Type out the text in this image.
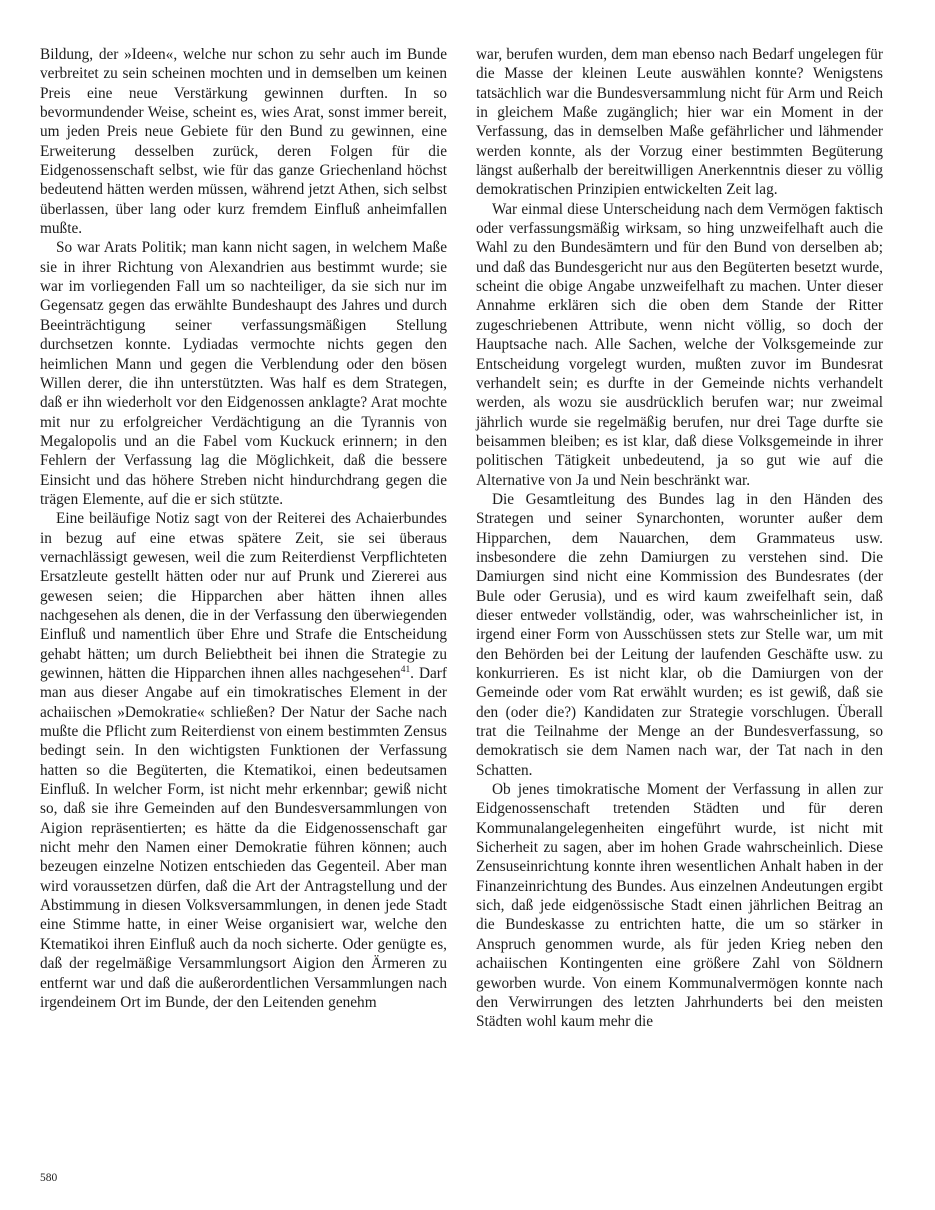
Bildung, der »Ideen«, welche nur schon zu sehr auch im Bunde verbreitet zu sein scheinen mochten und in demselben um keinen Preis eine neue Verstärkung gewinnen durften. In so bevormundender Weise, scheint es, wies Arat, sonst immer bereit, um jeden Preis neue Gebiete für den Bund zu gewinnen, eine Erweiterung desselben zurück, deren Folgen für die Eidgenossenschaft selbst, wie für das ganze Griechenland höchst bedeutend hätten werden müssen, während jetzt Athen, sich selbst überlassen, über lang oder kurz fremdem Einfluß anheimfallen mußte.

So war Arats Politik; man kann nicht sagen, in welchem Maße sie in ihrer Richtung von Alexandrien aus bestimmt wurde; sie war im vorliegenden Fall um so nachteiliger, da sie sich nur im Gegensatz gegen das erwählte Bundeshaupt des Jahres und durch Beeinträchtigung seiner verfassungsmäßigen Stellung durchsetzen konnte. Lydiadas vermochte nichts gegen den heimlichen Mann und gegen die Verblendung oder den bösen Willen derer, die ihn unterstützten. Was half es dem Strategen, daß er ihn wiederholt vor den Eidgenossen anklagte? Arat mochte mit nur zu erfolgreicher Verdächtigung an die Tyrannis von Megalopolis und an die Fabel vom Kuckuck erinnern; in den Fehlern der Verfassung lag die Möglichkeit, daß die bessere Einsicht und das höhere Streben nicht hindurchdrang gegen die trägen Elemente, auf die er sich stützte.

Eine beiläufige Notiz sagt von der Reiterei des Achaierbundes in bezug auf eine etwas spätere Zeit, sie sei überaus vernachlässigt gewesen, weil die zum Reiterdienst Verpflichteten Ersatzleute gestellt hätten oder nur auf Prunk und Ziererei aus gewesen seien; die Hipparchen aber hätten ihnen alles nachgesehen als denen, die in der Verfassung den überwiegenden Einfluß und namentlich über Ehre und Strafe die Entscheidung gehabt hätten; um durch Beliebtheit bei ihnen die Strategie zu gewinnen, hätten die Hipparchen ihnen alles nachgesehen$^{41}$. Darf man aus dieser Angabe auf ein timokratisches Element in der achaiischen »Demokratie« schließen? Der Natur der Sache nach mußte die Pflicht zum Reiterdienst von einem bestimmten Zensus bedingt sein. In den wichtigsten Funktionen der Verfassung hatten so die Begüterten, die Ktematikoi, einen bedeutsamen Einfluß. In welcher Form, ist nicht mehr erkennbar; gewiß nicht so, daß sie ihre Gemeinden auf den Bundesversammlungen von Aigion repräsentierten; es hätte da die Eidgenossenschaft gar nicht mehr den Namen einer Demokratie führen können; auch bezeugen einzelne Notizen entschieden das Gegenteil. Aber man wird voraussetzen dürfen, daß die Art der Antragstellung und der Abstimmung in diesen Volksversammlungen, in denen jede Stadt eine Stimme hatte, in einer Weise organisiert war, welche den Ktematikoi ihren Einfluß auch da noch sicherte. Oder genügte es, daß der regelmäßige Versammlungsort Aigion den Ärmeren zu entfernt war und daß die außerordentlichen Versammlungen nach irgendeinem Ort im Bunde, der den Leitenden genehm

war, berufen wurden, dem man ebenso nach Bedarf ungelegen für die Masse der kleinen Leute auswählen konnte? Wenigstens tatsächlich war die Bundesversammlung nicht für Arm und Reich in gleichem Maße zugänglich; hier war ein Moment in der Verfassung, das in demselben Maße gefährlicher und lähmender werden konnte, als der Vorzug einer bestimmten Begüterung längst außerhalb der bereitwilligen Anerkenntnis dieser zu völlig demokratischen Prinzipien entwickelten Zeit lag.

War einmal diese Unterscheidung nach dem Vermögen faktisch oder verfassungsmäßig wirksam, so hing unzweifelhaft auch die Wahl zu den Bundesämtern und für den Bund von derselben ab; und daß das Bundesgericht nur aus den Begüterten besetzt wurde, scheint die obige Angabe unzweifelhaft zu machen. Unter dieser Annahme erklären sich die oben dem Stande der Ritter zugeschriebenen Attribute, wenn nicht völlig, so doch der Hauptsache nach. Alle Sachen, welche der Volksgemeinde zur Entscheidung vorgelegt wurden, mußten zuvor im Bundesrat verhandelt sein; es durfte in der Gemeinde nichts verhandelt werden, als wozu sie ausdrücklich berufen war; nur zweimal jährlich wurde sie regelmäßig berufen, nur drei Tage durfte sie beisammen bleiben; es ist klar, daß diese Volksgemeinde in ihrer politischen Tätigkeit unbedeutend, ja so gut wie auf die Alternative von Ja und Nein beschränkt war.

Die Gesamtleitung des Bundes lag in den Händen des Strategen und seiner Synarchonten, worunter außer dem Hipparchen, dem Nauarchen, dem Grammateus usw. insbesondere die zehn Damiurgen zu verstehen sind. Die Damiurgen sind nicht eine Kommission des Bundesrates (der Bule oder Gerusia), und es wird kaum zweifelhaft sein, daß dieser entweder vollständig, oder, was wahrscheinlicher ist, in irgend einer Form von Ausschüssen stets zur Stelle war, um mit den Behörden bei der Leitung der laufenden Geschäfte usw. zu konkurrieren. Es ist nicht klar, ob die Damiurgen von der Gemeinde oder vom Rat erwählt wurden; es ist gewiß, daß sie den (oder die?) Kandidaten zur Strategie vorschlugen. Überall trat die Teilnahme der Menge an der Bundesverfassung, so demokratisch sie dem Namen nach war, der Tat nach in den Schatten.

Ob jenes timokratische Moment der Verfassung in allen zur Eidgenossenschaft tretenden Städten und für deren Kommunalangelegenheiten eingeführt wurde, ist nicht mit Sicherheit zu sagen, aber im hohen Grade wahrscheinlich. Diese Zensuseinrichtung konnte ihren wesentlichen Anhalt haben in der Finanzeinrichtung des Bundes. Aus einzelnen Andeutungen ergibt sich, daß jede eidgenössische Stadt einen jährlichen Beitrag an die Bundeskasse zu entrichten hatte, die um so stärker in Anspruch genommen wurde, als für jeden Krieg neben den achaiischen Kontingenten eine größere Zahl von Söldnern geworben wurde. Von einem Kommunalvermögen konnte nach den Verwirrungen des letzten Jahrhunderts bei den meisten Städten wohl kaum mehr die

580
